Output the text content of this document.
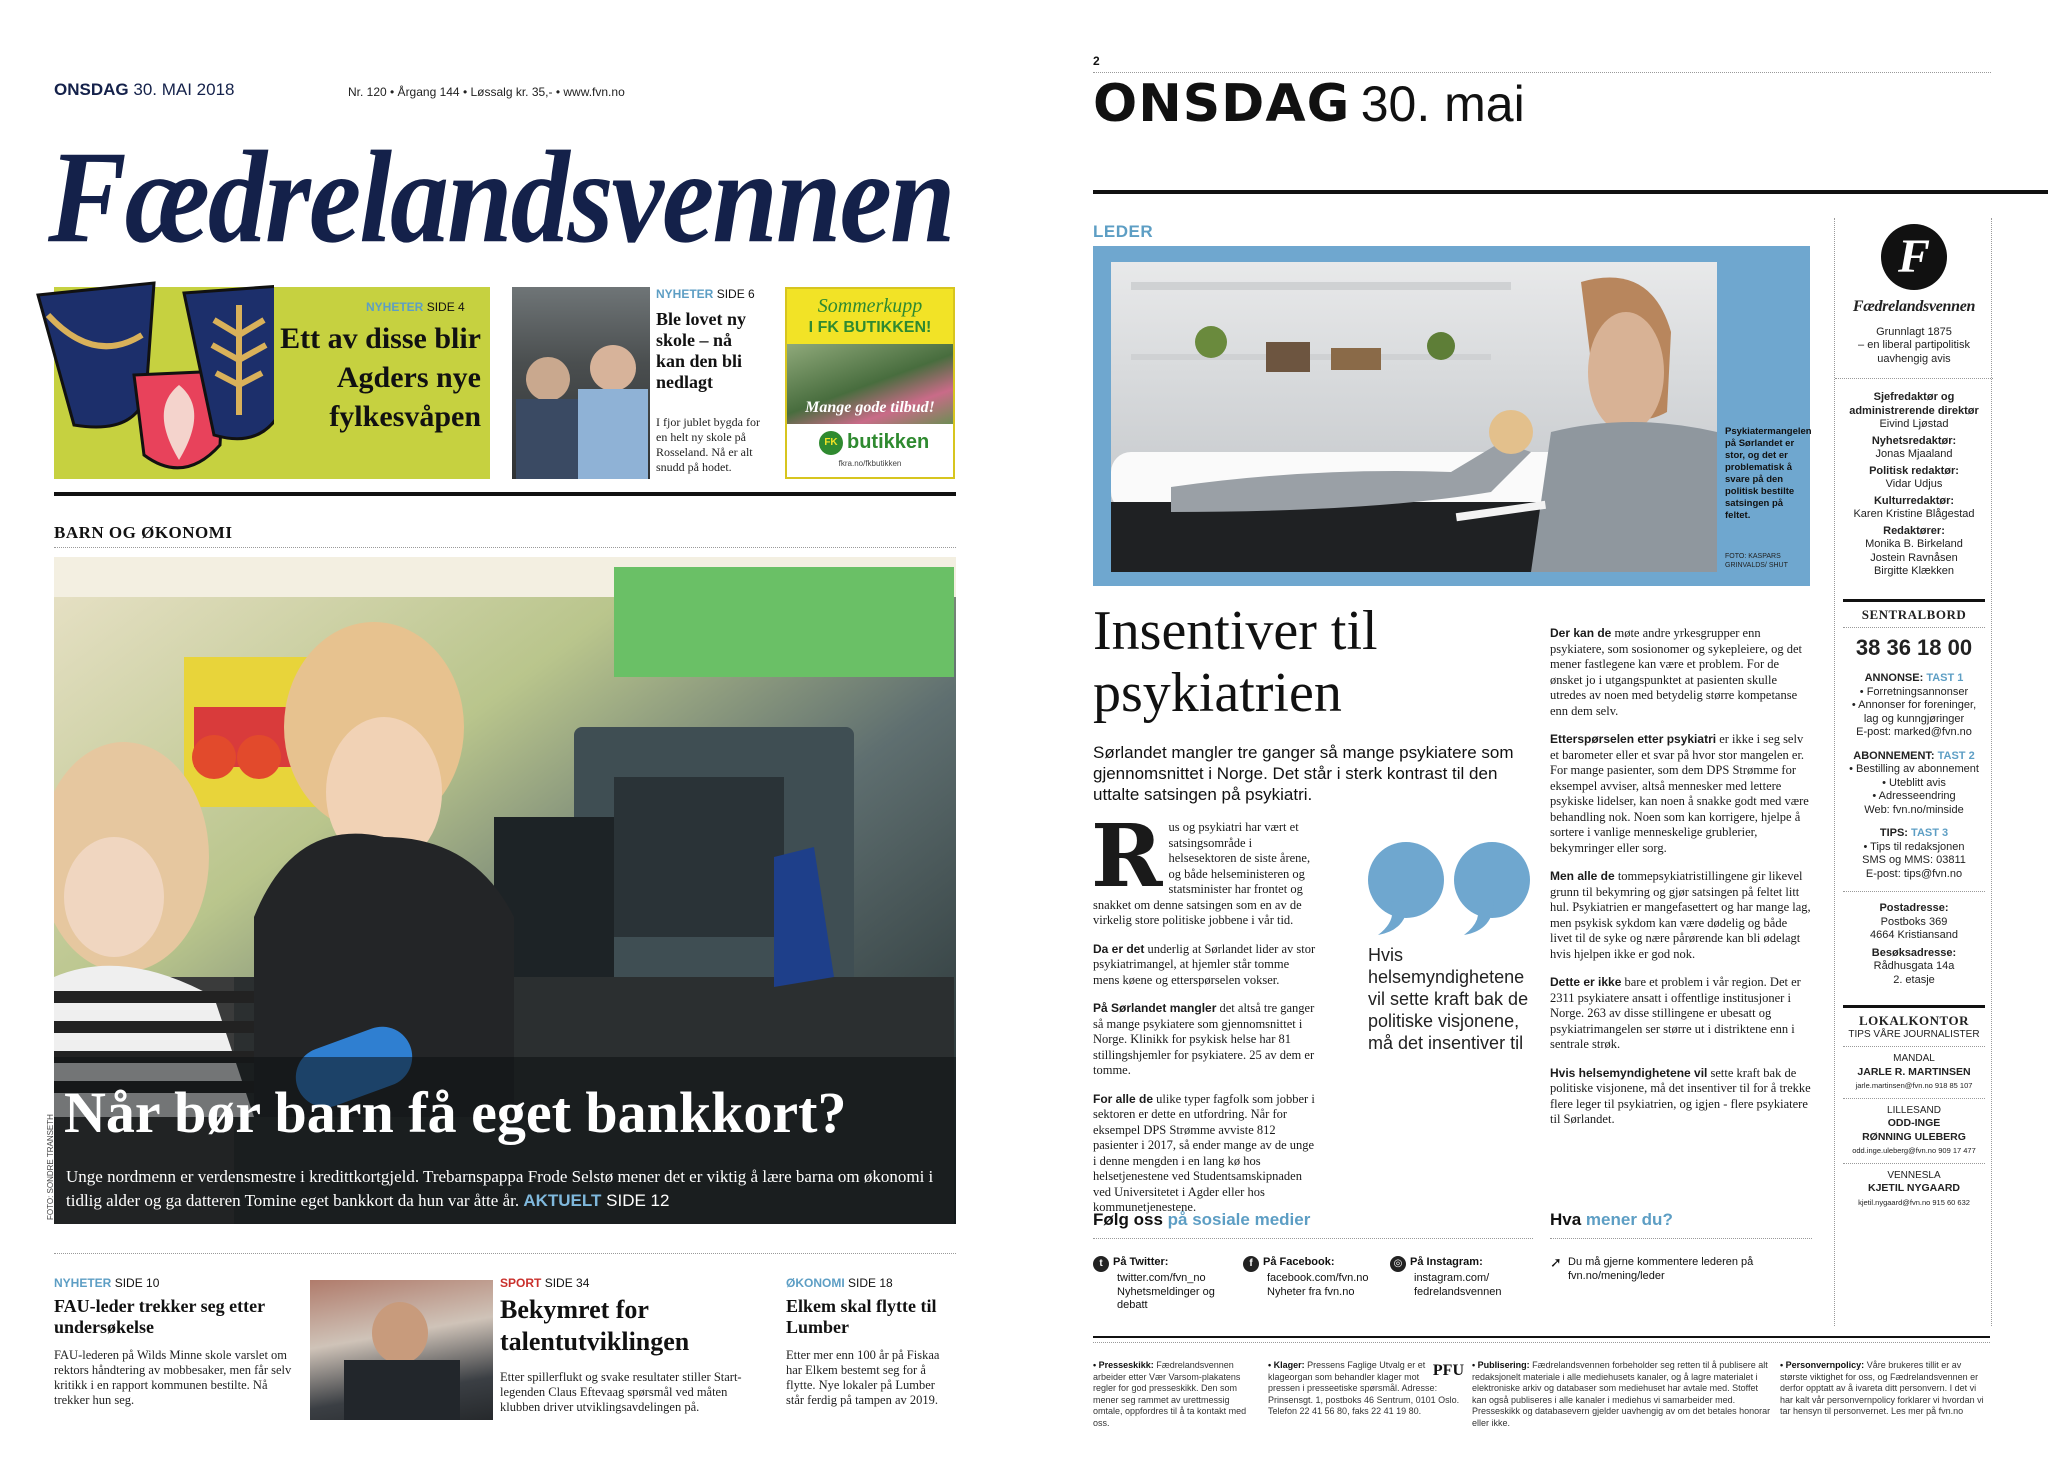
ONSDAG 30. MAI 2018	Nr. 120 • Årgang 144 • Løssalg kr. 35,- • www.fvn.no
Fædrelandsvennen
NYHETER SIDE 4
Ett av disse blir Agders nye fylkesvåpen
NYHETER SIDE 6
Ble lovet ny skole – nå kan den bli nedlagt
I fjor jublet bygda for en helt ny skole på Rosseland. Nå er alt snudd på hodet.
Sommerkupp
I FK BUTIKKEN!
Mange gode tilbud!
FK butikken
fkra.no/fkbutikken
BARN OG ØKONOMI
Når bør barn få eget bankkort?
Unge nordmenn er verdensmestre i kredittkortgjeld. Trebarnspappa Frode Selstø mener det er viktig å lære barna om økonomi i tidlig alder og ga datteren Tomine eget bankkort da hun var åtte år. AKTUELT SIDE 12
FOTO: SONDRE TRANSETH
NYHETER SIDE 10
FAU-leder trekker seg etter undersøkelse
FAU-lederen på Wilds Minne skole varslet om rektors håndtering av mobbesaker, men får selv kritikk i en rapport kommunen bestilte. Nå trekker hun seg.
SPORT SIDE 34
Bekymret for talentutviklingen
Etter spillerflukt og svake resultater stiller Start-legenden Claus Eftevaag spørsmål ved måten klubben driver utviklingsavdelingen på.
ØKONOMI SIDE 18
Elkem skal flytte til Lumber
Etter mer enn 100 år på Fiskaa har Elkem bestemt seg for å flytte. Nye lokaler på Lumber står ferdig på tampen av 2019.
2
ONSDAG 30. mai
LEDER
Psykiatermangelen på Sørlandet er stor, og det er problematisk å svare på den politisk bestilte satsingen på feltet.
FOTO: KASPARS GRINVALDS/ SHUT
Insentiver til psykiatrien
Sørlandet mangler tre ganger så mange psykiatere som gjennomsnittet i Norge. Det står i sterk kontrast til den uttalte satsingen på psykiatri.

Rus og psykiatri har vært et satsingsområde i helsesektoren de siste årene, og både helseministeren og statsminister har frontet og snakket om denne satsingen som en av de virkelig store politiske jobbene i vår tid.

Da er det underlig at Sørlandet lider av stor psykiatrimangel, at hjemler står tomme mens køene og etterspørselen vokser.

På Sørlandet mangler det altså tre ganger så mange psykiatere som gjennomsnittet i Norge. Klinikk for psykisk helse har 81 stillingshjemler for psykiatere. 25 av dem er tomme.

For alle de ulike typer fagfolk som jobber i sektoren er dette en utfordring. Når for eksempel DPS Strømme avviste 812 pasienter i 2017, så ender mange av de unge i denne mengden i en lang kø hos helsetjenestene ved Studentsamskipnaden ved Universitetet i Agder eller hos kommunetjenestene.

Hvis helsemyndighetene vil sette kraft bak de politiske visjonene, må det insentiver til

Der kan de møte andre yrkesgrupper enn psykiatere, som sosionomer og sykepleiere, og det mener fastlegene kan være et problem. For de ønsket jo i utgangspunktet at pasienten skulle utredes av noen med betydelig større kompetanse enn dem selv.

Etterspørselen etter psykiatri er ikke i seg selv et barometer eller et svar på hvor stor mangelen er. For mange pasienter, som dem DPS Strømme for eksempel avviser, altså mennesker med lettere psykiske lidelser, kan noen å snakke godt med være behandling nok. Noen som kan korrigere, hjelpe å sortere i vanlige menneskelige grublerier, bekymringer eller sorg.

Men alle de tommepsykiatristillingene gir likevel grunn til bekymring og gjør satsingen på feltet litt hul. Psykiatrien er mangefasettert og har mange lag, men psykisk sykdom kan være dødelig og både livet til de syke og nære pårørende kan bli ødelagt hvis hjelpen ikke er god nok.

Dette er ikke bare et problem i vår region. Det er 2311 psykiatere ansatt i offentlige institusjoner i Norge. 263 av disse stillingene er ubesatt og psykiatrimangelen ser større ut i distriktene enn i sentrale strøk.

Hvis helsemyndighetene vil sette kraft bak de politiske visjonene, må det insentiver til for å trekke flere leger til psykiatrien, og igjen - flere psykiatere til Sørlandet.

Følg oss på sosiale medier
t På Twitter:
twitter.com/fvn_no
Nyhetsmeldinger og debatt
f På Facebook:
facebook.com/fvn.no
Nyheter fra fvn.no
◎ På Instagram:
instagram.com/
fedrelandsvennen
Hva mener du?
➚ Du må gjerne kommentere lederen på fvn.no/mening/leder
F
Fædrelandsvennen
Grunnlagt 1875
– en liberal partipolitisk uavhengig avis
Sjefredaktør og administrerende direktør
Eivind Ljøstad
Nyhetsredaktør:
Jonas Mjaaland
Politisk redaktør:
Vidar Udjus
Kulturredaktør:
Karen Kristine Blågestad
Redaktører:
Monika B. Birkeland
Jostein Ravnåsen
Birgitte Klækken
SENTRALBORD
38 36 18 00
ANNONSE: TAST 1
• Forretningsannonser
• Annonser for foreninger, lag og kunngjøringer
E-post: marked@fvn.no
ABONNEMENT: TAST 2
• Bestilling av abonnement
• Uteblitt avis
• Adresseendring
Web: fvn.no/minside
TIPS: TAST 3
• Tips til redaksjonen
SMS og MMS: 03811
E-post: tips@fvn.no
Postadresse:
Postboks 369
4664 Kristiansand
Besøksadresse:
Rådhusgata 14a
2. etasje
LOKALKONTOR
TIPS VÅRE JOURNALISTER
MANDAL
JARLE R. MARTINSEN
jarle.martinsen@fvn.no 918 85 107
LILLESAND
ODD-INGE
RØNNING ULEBERG
odd.inge.uleberg@fvn.no 909 17 477
VENNESLA
KJETIL NYGAARD
kjetil.nygaard@fvn.no 915 60 632
• Presseskikk: Fædrelandsvennen arbeider etter Vær Varsom-plakatens regler for god presseskikk. Den som mener seg rammet av urettmessig omtale, oppfordres til å ta kontakt med oss.
PFU
• Klager: Pressens Faglige Utvalg er et klageorgan som behandler klager mot pressen i presseetiske spørsmål. Adresse: Prinsensgt. 1, postboks 46 Sentrum, 0101 Oslo. Telefon 22 41 56 80, faks 22 41 19 80.
• Publisering: Fædrelandsvennen forbeholder seg retten til å publisere alt redaksjonelt materiale i alle mediehusets kanaler, og å lagre materialet i elektroniske arkiv og databaser som mediehuset har avtale med. Stoffet kan også publiseres i alle kanaler i mediehus vi samarbeider med. Presseskikk og databasevern gjelder uavhengig av om det betales honorar eller ikke.
• Personvernpolicy: Våre brukeres tillit er av største viktighet for oss, og Fædrelandsvennen er derfor opptatt av å ivareta ditt personvern. I det vi har kalt vår personvernpolicy forklarer vi hvordan vi tar hensyn til personvernet. Les mer på fvn.no
